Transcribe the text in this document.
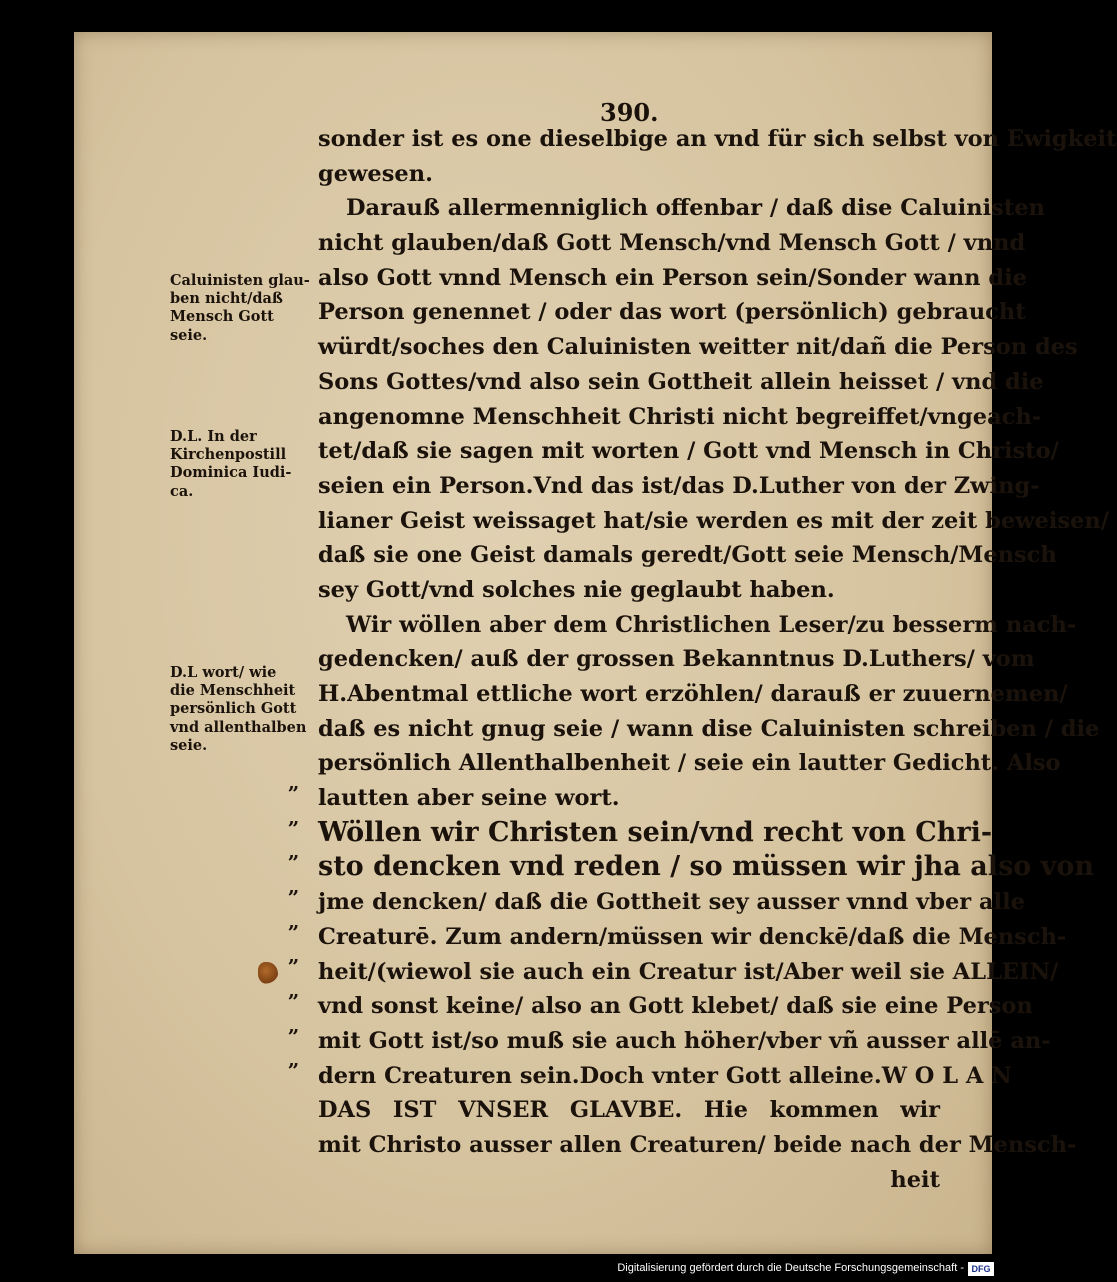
390.
sonder ist es one dieselbige an vnd für sich selbst von Ewigkeit
gewesen.
Darauß allermenniglich offenbar / daß dise Caluinisten
nicht glauben/daß Gott Mensch/vnd Mensch Gott / vnnd
also Gott vnnd Mensch ein Person sein/Sonder wann die
Person genennet / oder das wort (persönlich) gebraucht
würdt/soches den Caluinisten weitter nit/dañ die Person des
Sons Gottes/vnd also sein Gottheit allein heisset / vnd die
angenomne Menschheit Christi nicht begreiffet/vngeach-
tet/daß sie sagen mit worten / Gott vnd Mensch in Christo/
seien ein Person.Vnd das ist/das D.Luther von der Zwing-
lianer Geist weissaget hat/sie werden es mit der zeit beweisen/
daß sie one Geist damals geredt/Gott seie Mensch/Mensch
sey Gott/vnd solches nie geglaubt haben.
Wir wöllen aber dem Christlichen Leser/zu besserm nach-
gedencken/ auß der grossen Bekanntnus D.Luthers/ vom
H.Abentmal ettliche wort erzöhlen/ darauß er zuuernemen/
daß es nicht gnug seie / wann dise Caluinisten schreiben / die
persönlich Allenthalbenheit / seie ein lautter Gedicht. Also
lautten aber seine wort.
Wöllen wir Christen sein/vnd recht von Chri-
sto dencken vnd reden / so müssen wir jha also von
jme dencken/ daß die Gottheit sey ausser vnnd vber alle
Creaturē. Zum andern/müssen wir denckē/daß die Mensch-
heit/(wiewol sie auch ein Creatur ist/Aber weil sie ALLEIN/
vnd sonst keine/ also an Gott klebet/ daß sie eine Person
mit Gott ist/so muß sie auch höher/vber vñ ausser allē an-
dern Creaturen sein.Doch vnter Gott alleine.W O L A N
DAS IST VNSER GLAVBE. Hie kommen wir
mit Christo ausser allen Creaturen/ beide nach der Mensch-
heit
„
„
„
„
„
„
„
„
„
Caluinisten glau-
ben nicht/daß
Mensch Gott
seie.
D.L. In der
Kirchenpostill
Dominica Iudi-
ca.
D.L wort/ wie
die Menschheit
persönlich Gott
vnd allenthalben
seie.
Digitalisierung gefördert durch die Deutsche Forschungsgemeinschaft - DFG
